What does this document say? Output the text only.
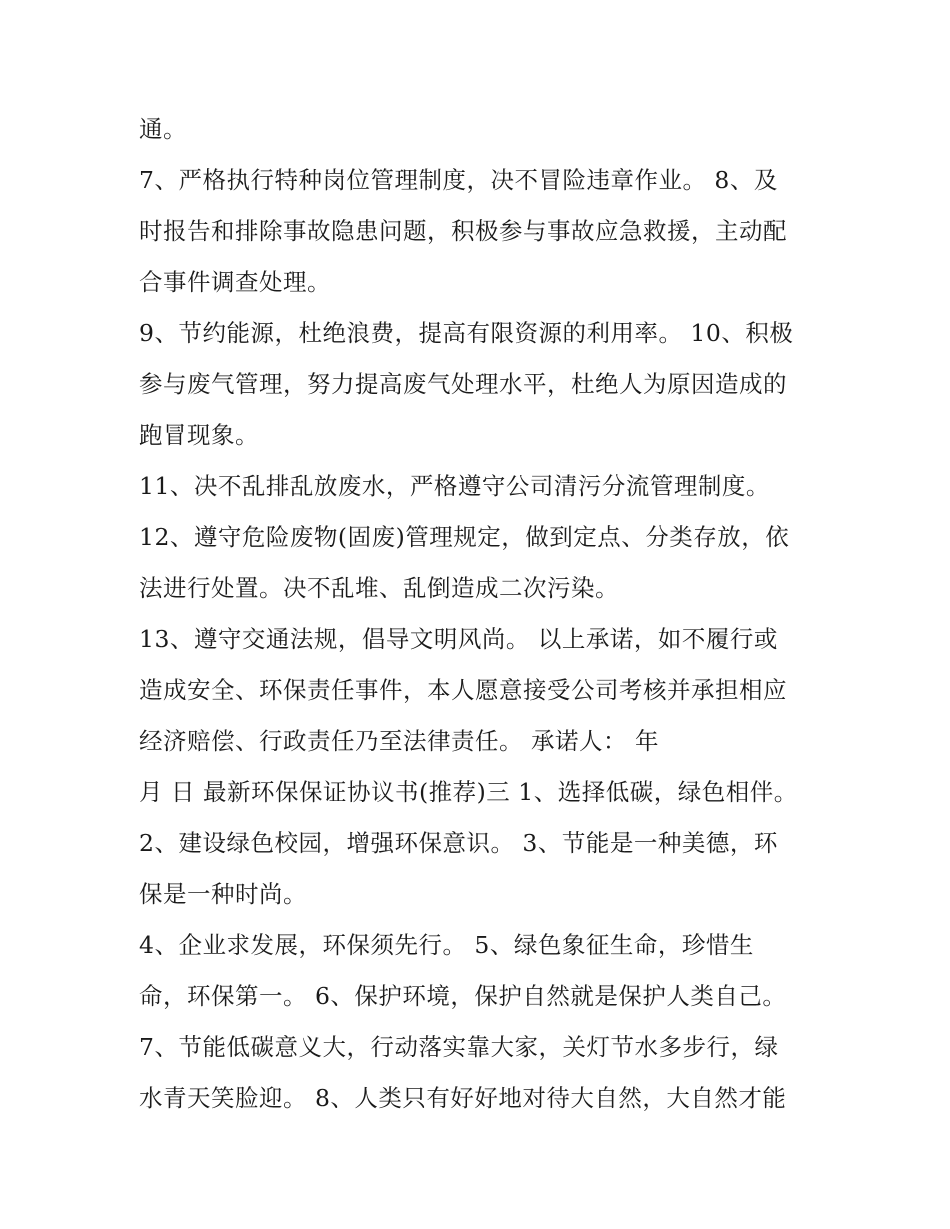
通。
7、严格执行特种岗位管理制度，决不冒险违章作业。 8、及
时报告和排除事故隐患问题，积极参与事故应急救援，主动配
合事件调查处理。
9、节约能源，杜绝浪费，提高有限资源的利用率。 10、积极
参与废气管理，努力提高废气处理水平，杜绝人为原因造成的
跑冒现象。
11、决不乱排乱放废水，严格遵守公司清污分流管理制度。
12、遵守危险废物(固废)管理规定，做到定点、分类存放，依
法进行处置。决不乱堆、乱倒造成二次污染。
13、遵守交通法规，倡导文明风尚。 以上承诺，如不履行或
造成安全、环保责任事件，本人愿意接受公司考核并承担相应
经济赔偿、行政责任乃至法律责任。 承诺人： 年
月 日 最新环保保证协议书(推荐)三 1、选择低碳，绿色相伴。
2、建设绿色校园，增强环保意识。 3、节能是一种美德，环
保是一种时尚。
4、企业求发展，环保须先行。 5、绿色象征生命，珍惜生
命，环保第一。 6、保护环境，保护自然就是保护人类自己。
7、节能低碳意义大，行动落实靠大家，关灯节水多步行，绿
水青天笑脸迎。 8、人类只有好好地对待大自然，大自然才能
